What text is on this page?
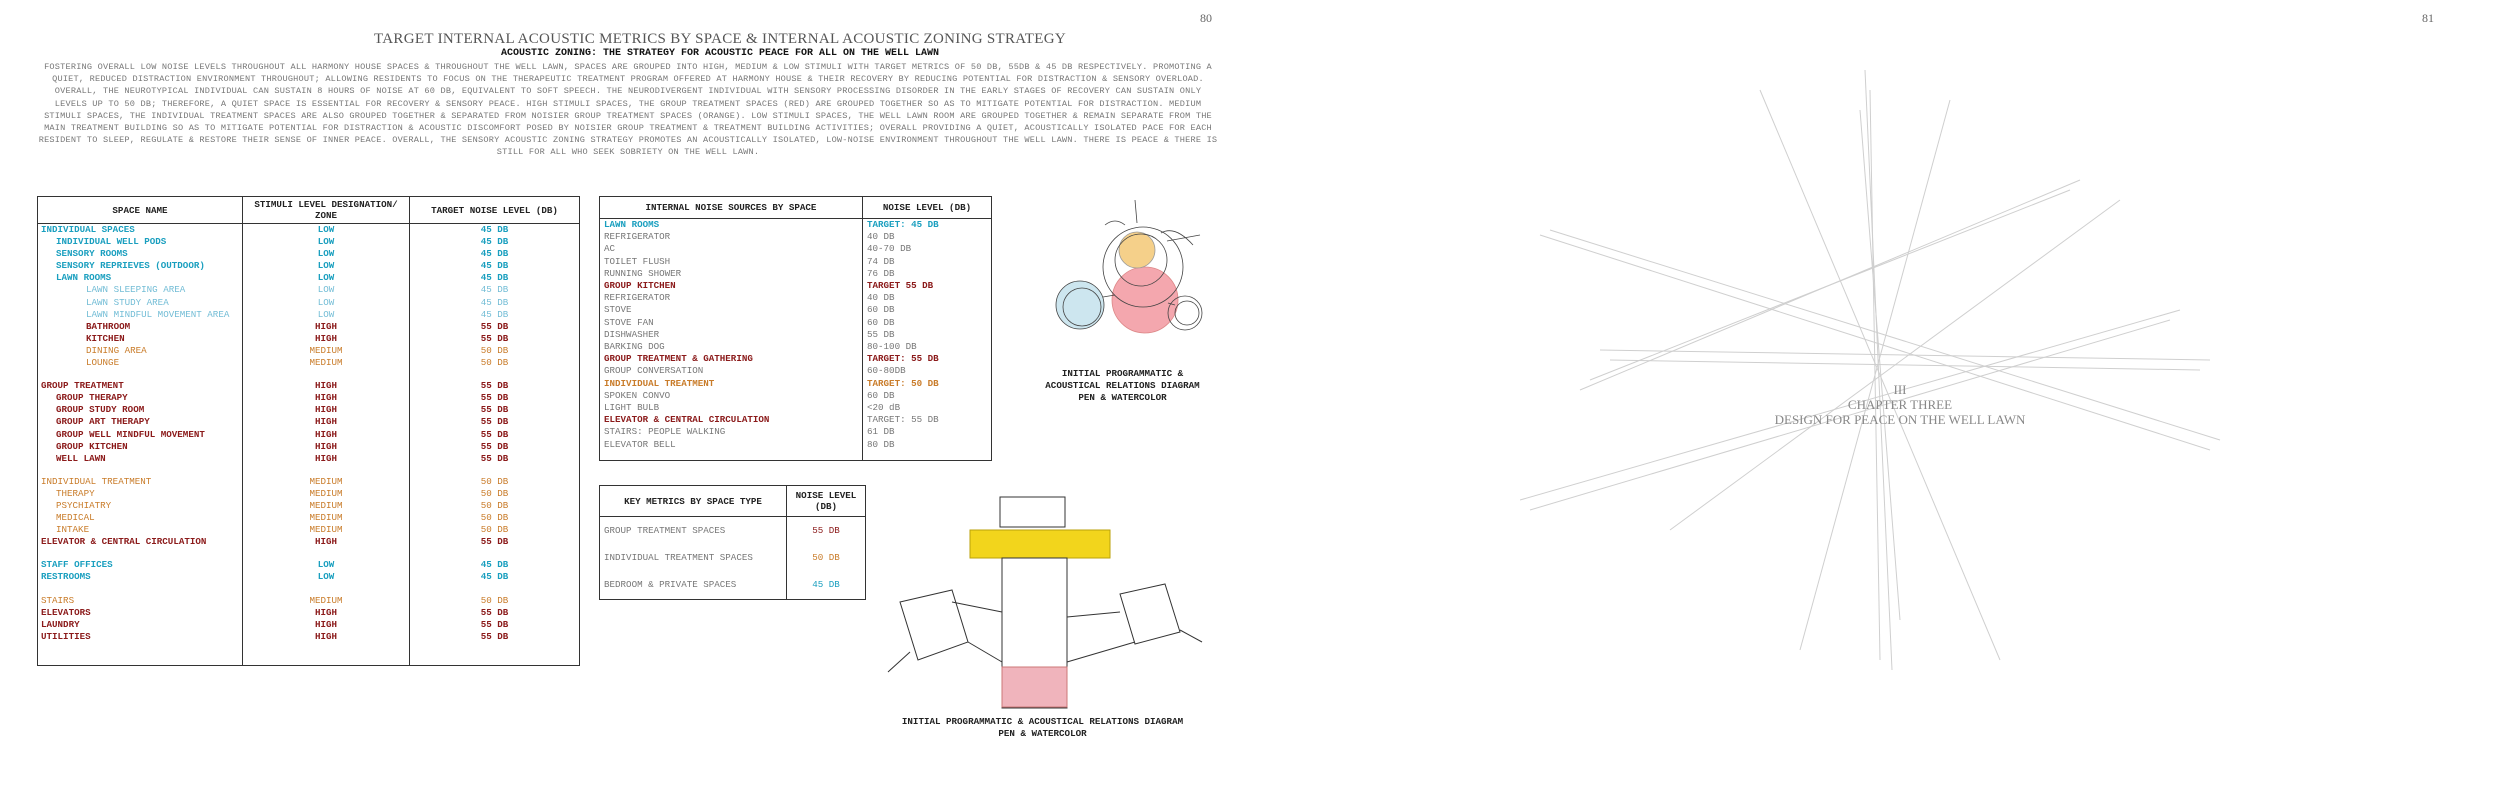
80	81
TARGET INTERNAL ACOUSTIC METRICS BY SPACE & INTERNAL ACOUSTIC ZONING STRATEGY
ACOUSTIC ZONING: THE STRATEGY FOR ACOUSTIC PEACE FOR ALL ON THE WELL LAWN
FOSTERING OVERALL LOW NOISE LEVELS THROUGHOUT ALL HARMONY HOUSE SPACES & THROUGHOUT THE WELL LAWN, SPACES ARE GROUPED INTO HIGH, MEDIUM & LOW STIMULI WITH TARGET METRICS OF 50 DB, 55DB & 45 DB RESPECTIVELY. PROMOTING A QUIET, REDUCED DISTRACTION ENVIRONMENT THROUGHOUT; ALLOWING RESIDENTS TO FOCUS ON THE THERAPEUTIC TREATMENT PROGRAM OFFERED AT HARMONY HOUSE & THEIR RECOVERY BY REDUCING POTENTIAL FOR DISTRACTION & SENSORY OVERLOAD. OVERALL, THE NEUROTYPICAL INDIVIDUAL CAN SUSTAIN 8 HOURS OF NOISE AT 60 DB, EQUIVALENT TO SOFT SPEECH. THE NEURODIVERGENT INDIVIDUAL WITH SENSORY PROCESSING DISORDER IN THE EARLY STAGES OF RECOVERY CAN SUSTAIN ONLY LEVELS UP TO 50 DB; THEREFORE, A QUIET SPACE IS ESSENTIAL FOR RECOVERY & SENSORY PEACE. HIGH STIMULI SPACES, THE GROUP TREATMENT SPACES (RED) ARE GROUPED TOGETHER SO AS TO MITIGATE POTENTIAL FOR DISTRACTION. MEDIUM STIMULI SPACES, THE INDIVIDUAL TREATMENT SPACES ARE ALSO GROUPED TOGETHER & SEPARATED FROM NOISIER GROUP TREATMENT SPACES (ORANGE). LOW STIMULI SPACES, THE WELL LAWN ROOM ARE GROUPED TOGETHER & REMAIN SEPARATE FROM THE MAIN TREATMENT BUILDING SO AS TO MITIGATE POTENTIAL FOR DISTRACTION & ACOUSTIC DISCOMFORT POSED BY NOISIER GROUP TREATMENT & TREATMENT BUILDING ACTIVITIES; OVERALL PROVIDING A QUIET, ACOUSTICALLY ISOLATED PACE FOR EACH RESIDENT TO SLEEP, REGULATE & RESTORE THEIR SENSE OF INNER PEACE. OVERALL, THE SENSORY ACOUSTIC ZONING STRATEGY PROMOTES AN ACOUSTICALLY ISOLATED, LOW-NOISE ENVIRONMENT THROUGHOUT THE WELL LAWN. THERE IS PEACE & THERE IS STILL FOR ALL WHO SEEK SOBRIETY ON THE WELL LAWN.
SPACE NAME	STIMULI LEVEL DESIGNATION/ ZONE	TARGET NOISE LEVEL (DB)
INDIVIDUAL SPACES	LOW	45 DB
INDIVIDUAL WELL PODS	LOW	45 DB
SENSORY ROOMS	LOW	45 DB
SENSORY REPRIEVES (OUTDOOR)	LOW	45 DB
LAWN ROOMS	LOW	45 DB
LAWN SLEEPING AREA	LOW	45 DB
LAWN STUDY AREA	LOW	45 DB
LAWN MINDFUL MOVEMENT AREA	LOW	45 DB
BATHROOM	HIGH	55 DB
KITCHEN	HIGH	55 DB
DINING AREA	MEDIUM	50 DB
LOUNGE	MEDIUM	50 DB

GROUP TREATMENT	HIGH	55 DB
GROUP THERAPY	HIGH	55 DB
GROUP STUDY ROOM	HIGH	55 DB
GROUP ART THERAPY	HIGH	55 DB
GROUP WELL MINDFUL MOVEMENT	HIGH	55 DB
GROUP KITCHEN	HIGH	55 DB
WELL LAWN	HIGH	55 DB

INDIVIDUAL TREATMENT	MEDIUM	50 DB
THERAPY	MEDIUM	50 DB
PSYCHIATRY	MEDIUM	50 DB
MEDICAL	MEDIUM	50 DB
INTAKE	MEDIUM	50 DB
ELEVATOR & CENTRAL CIRCULATION	HIGH	55 DB

STAFF OFFICES	LOW	45 DB
RESTROOMS	LOW	45 DB

STAIRS	MEDIUM	50 DB
ELEVATORS	HIGH	55 DB
LAUNDRY	HIGH	55 DB
UTILITIES	HIGH	55 DB

INTERNAL NOISE SOURCES BY SPACE	NOISE LEVEL (DB)
LAWN ROOMS	TARGET: 45 DB
REFRIGERATOR	40 DB
AC	40-70 DB
TOILET FLUSH	74 DB
RUNNING SHOWER	76 DB
GROUP KITCHEN	TARGET 55 DB
REFRIGERATOR	40 DB
STOVE	60 DB
STOVE FAN	60 DB
DISHWASHER	55 DB
BARKING DOG	80-100 DB
GROUP TREATMENT & GATHERING	TARGET: 55 DB
GROUP CONVERSATION	60-80DB
INDIVIDUAL TREATMENT	TARGET: 50 DB
SPOKEN CONVO	60 DB
LIGHT BULB	<20 dB
ELEVATOR & CENTRAL CIRCULATION	TARGET: 55 DB
STAIRS: PEOPLE WALKING	61 DB
ELEVATOR BELL	80 DB

KEY METRICS BY SPACE TYPE	NOISE LEVEL (DB)
GROUP TREATMENT SPACES	55 DB
INDIVIDUAL TREATMENT SPACES	50 DB
BEDROOM & PRIVATE SPACES	45 DB
INITIAL PROGRAMMATIC &
ACOUSTICAL RELATIONS DIAGRAM
PEN & WATERCOLOR
INITIAL PROGRAMMATIC & ACOUSTICAL RELATIONS DIAGRAM
PEN & WATERCOLOR
III
CHAPTER THREE
DESIGN FOR PEACE ON THE WELL LAWN
